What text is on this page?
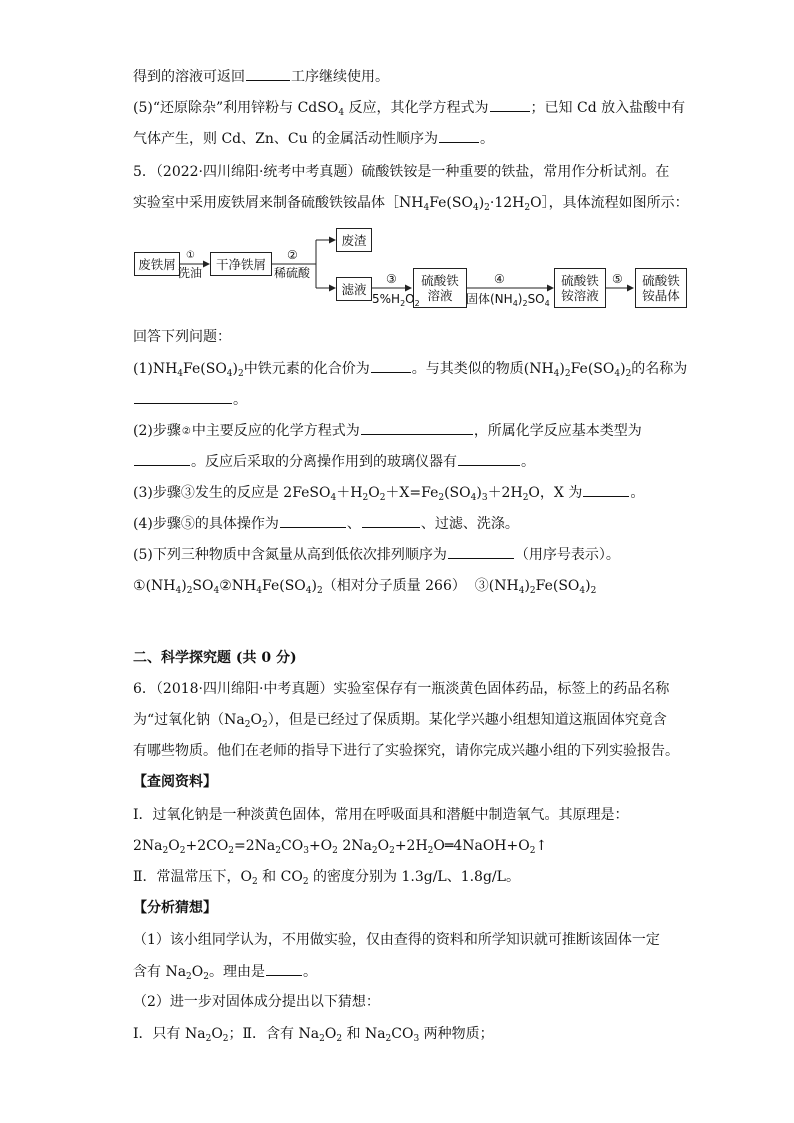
得到的溶液可返回	工序继续使用。
(5)“还原除杂”利用锌粉与 CdSO$_4$ 反应，其化学方程式为	；已知 Cd 放入盐酸中有
气体产生，则 Cd、Zn、Cu 的金属活动性顺序为	。
5．（2022·四川绵阳·统考中考真题）硫酸铁铵是一种重要的铁盐，常用作分析试剂。在
实验室中采用废铁屑来制备硫酸铁铵晶体$[NH_4Fe(SO_4)_2\cdot 12H_2O]$，具体流程如图所示：
废铁屑	干净铁屑
废渣
滤液
硫酸铁
溶液
硫酸铁
铵溶液
硫酸铁
铵晶体
①
洗油
②
稀硫酸	③
$5\%H_2O_2$
④
固体$(NH_4)_2SO_4$
⑤
回答下列问题：
$(1)NH_4Fe(SO_4)_2$中铁元素的化合价为	。与其类似的物质$(NH_4)_2Fe(SO_4)_2$的名称为
。
(2)步骤②中主要反应的化学方程式为	，所属化学反应基本类型为
。反应后采取的分离操作用到的玻璃仪器有	。
(3)步骤③发生的反应是 $2FeSO_4+H_2O_2+X=Fe_2(SO_4)_3+2H_2O$，X 为	。
(4)步骤⑤的具体操作为	、	、过滤、洗涤。
(5)下列三种物质中含氮量从高到低依次排列顺序为	（用序号表示）。
$①(NH_4)_2SO_4②NH_4Fe(SO_4)_2$（相对分子质量 266） $③(NH_4)_2Fe(SO_4)_2$
二、科学探究题 (共 0 分)
6．（2018·四川绵阳·中考真题）实验室保存有一瓶淡黄色固体药品，标签上的药品名称
为“过氧化钠$(Na_2O_2)$，但是已经过了保质期。某化学兴趣小组想知道这瓶固体究竟含
有哪些物质。他们在老师的指导下进行了实验探究，请你完成兴趣小组的下列实验报告。
【查阅资料】
Ⅰ．过氧化钠是一种淡黄色固体，常用在呼吸面具和潜艇中制造氧气。其原理是：
$2Na_2O_2+2CO_2=2Na_2CO_3+O_2$ $2Na_2O_2+2H_2O═4NaOH+O_2↑$
Ⅱ．常温常压下，$O_2$ 和 $CO_2$ 的密度分别为 1.3g/L、1.8g/L。
【分析猜想】
（1）该小组同学认为，不用做实验，仅由查得的资料和所学知识就可推断该固体一定
含有 $Na_2O_2$。理由是	。
（2）进一步对固体成分提出以下猜想：
Ⅰ．只有 $Na_2O_2$；Ⅱ．含有 $Na_2O_2$ 和 $Na_2CO_3$ 两种物质；
